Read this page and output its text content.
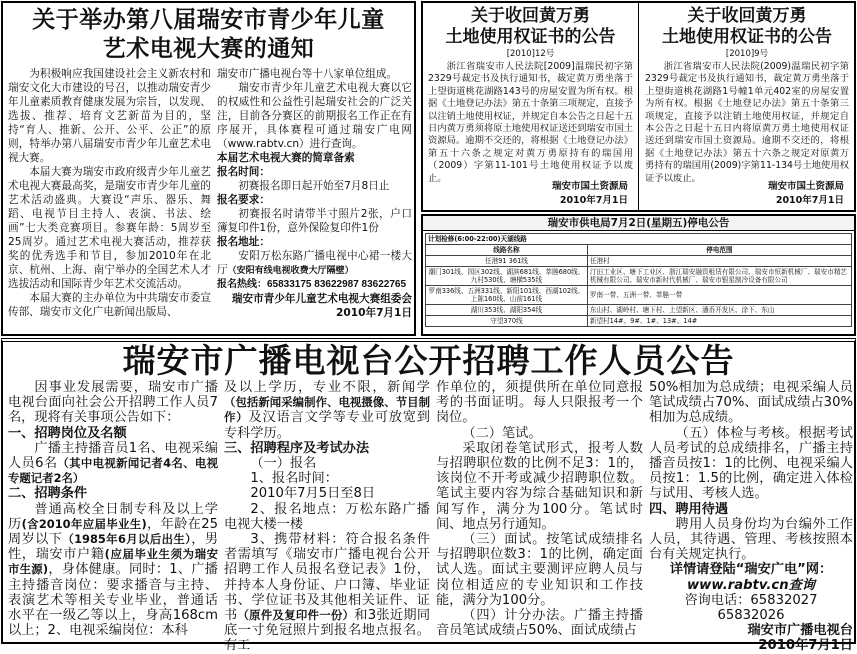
关于举办第八届瑞安市青少年儿童
艺术电视大赛的通知

为积极响应我国建设社会主义新农村和瑞安文化大市建设的号召，以推动瑞安青少年儿童素质教育健康发展为宗旨，以发现、选拔、推荐、培育文艺新苗为目的，坚持“育人、推新、公开、公平、公正”的原则，特举办第八届瑞安市青少年儿童艺术电视大赛。

本届大赛为瑞安市政府级青少年儿童艺术电视大赛最高奖，是瑞安市青少年儿童的艺术活动盛典。大赛设“声乐、器乐、舞蹈、电视节目主持人、表演、书法、绘画”七大类竞赛项目。参赛年龄：5周岁至25周岁。通过艺术电视大赛活动，推荐获奖的优秀选手和节目，参加2010年在北京、杭州、上海、南宁举办的全国艺术人才选拔活动和国际青少年艺术交流活动。

本届大赛的主办单位为中共瑞安市委宣传部、瑞安市文化广电新闻出版局、

瑞安市广播电视台等十八家单位组成。

瑞安市青少年儿童艺术电视大赛以它的权威性和公益性引起瑞安社会的广泛关注，目前各分赛区的前期报名工作正在有序展开，具体赛程可通过瑞安广电网（www.rabtv.cn）进行查询。

本届艺术电视大赛的简章备索

报名时间：

初赛报名即日起开始至7月8日止

报名要求：

初赛报名时请带半寸照片2张，户口簿复印件1份，意外保险复印件1份

报名地址：

安阳万松东路广播电视中心裙一楼大厅（安阳有线电视收费大厅隔壁）

报名热线：65833175 83622987 83622765

瑞安市青少年儿童艺术电视大赛组委会

2010年7月1日

关于收回黄万勇
土地使用权证书的公告
[2010]12号
浙江省瑞安市人民法院[2009]温瑞民初字第2329号裁定书及执行通知书，裁定黄万勇坐落于上望街道桃花湖路143号的房屋安置为所有权。根据《土地登记办法》第五十条第三项规定，直接予以注销土地使用权证，并规定自本公告之日起十五日内黄万勇须将原土地使用权证送还到瑞安市国土资源局。逾期不交还的，将根据《土地登记办法》第五十六条之规定对黄万勇原持有的瑞国用（2009）字第11-101号土地使用权证予以废止。
瑞安市国土资源局
2010年7月1日
关于收回黄万勇
土地使用权证书的公告
[2010]9号
浙江省瑞安市人民法院(2009)温瑞民初字第2329号裁定书及执行通知书，裁定黄万勇坐落于上望街道桃花湖路1号幢1单元402室的房屋安置为所有权。根据《土地登记办法》第五十条第三项规定，直接予以注销土地使用权证，并规定自本公告之日起十五日内将原黄万勇土地使用权证送还到瑞安市国土资源局。逾期不交还的，将根据《土地登记办法》第五十六条之规定对原黄万勇持有的瑞国用(2009)字第11-134号土地使用权证予以废止。
瑞安市国土资源局
2010年7月1日
瑞安市供电局7月2日(星期五)停电公告
计划检修(6:00-22:00)天湖线路	
线路名称	停电范围
任港91 361线	任港村
潮门301线、园区302线、湖滨681线、莘塍680线、九村530线、塘横535线	汀田工业区、塘下工业区、浙江瑞安融资租赁有限公司、瑞安市恒新机械厂、瑞安市精艺机械有限公司、瑞安市新时代机械厂、瑞安市银星制冷设备有限公司
罗南336线、五洲331线、新阳101线、西湖102线、上陈160线、山前161线	罗南一带、五洲一带、莘塍一带
湖川353线、湖阳354线	东山村、湖岭村、塘下村、上望新区、潘岙开发区、涂下、东山
守望370线	新望村14#、9#、1#、13#、14#
瑞安市广播电视台公开招聘工作人员公告

因事业发展需要，瑞安市广播电视台面向社会公开招聘工作人员7名，现将有关事项公告如下：

一、招聘岗位及名额

广播主持播音员1名、电视采编人员6名（其中电视新闻记者4名、电视专题记者2名）

二、招聘条件

普通高校全日制专科及以上学历(含2010年应届毕业生)，年龄在25周岁以下（1985年6月以后出生），男性，瑞安市户籍(应届毕业生须为瑞安市生源)，身体健康。同时：1、广播主持播音岗位：要求播音与主持、表演艺术等相关专业毕业，普通话水平在一级乙等以上，身高168cm以上；2、电视采编岗位：本科

及以上学历，专业不限，新闻学（包括新闻采编制作、电视摄像、节目制作）及汉语言文学等专业可放宽到专科学历。

三、招聘程序及考试办法

（一）报名

1、报名时间：

2010年7月5日至8日

2、报名地点：万松东路广播电视大楼一楼

3、携带材料：符合报名条件者需填写《瑞安市广播电视台公开招聘工作人员报名登记表》1份，并持本人身份证、户口簿、毕业证书、学位证书及其他相关证件、证书（原件及复印件一份）和3张近期同底一寸免冠照片到报名地点报名。有工

作单位的，须提供所在单位同意报考的书面证明。每人只限报考一个岗位。

（二）笔试。

采取闭卷笔试形式，报考人数与招聘职位数的比例不足3：1的，该岗位不开考或减少招聘职位数。笔试主要内容为综合基础知识和新闻写作，满分为100分。笔试时间、地点另行通知。

（三）面试。按笔试成绩排名与招聘职位数3：1的比例，确定面试人选。面试主要测评应聘人员与岗位相适应的专业知识和工作技能，满分为100分。

（四）计分办法。广播主持播音员笔试成绩占50%、面试成绩占

50%相加为总成绩；电视采编人员笔试成绩占70%、面试成绩占30%相加为总成绩。

（五）体检与考核。根据考试人员考试的总成绩排名，广播主持播音员按1：1的比例、电视采编人员按1：1.5的比例，确定进入体检与试用、考核人选。

四、聘用待遇

聘用人员身份均为台编外工作人员，其待遇、管理、考核按照本台有关规定执行。

详情请登陆“瑞安广电”网：

www.rabtv.cn查询

咨询电话：65832027 65832026

瑞安市广播电视台

2010年7月1日
